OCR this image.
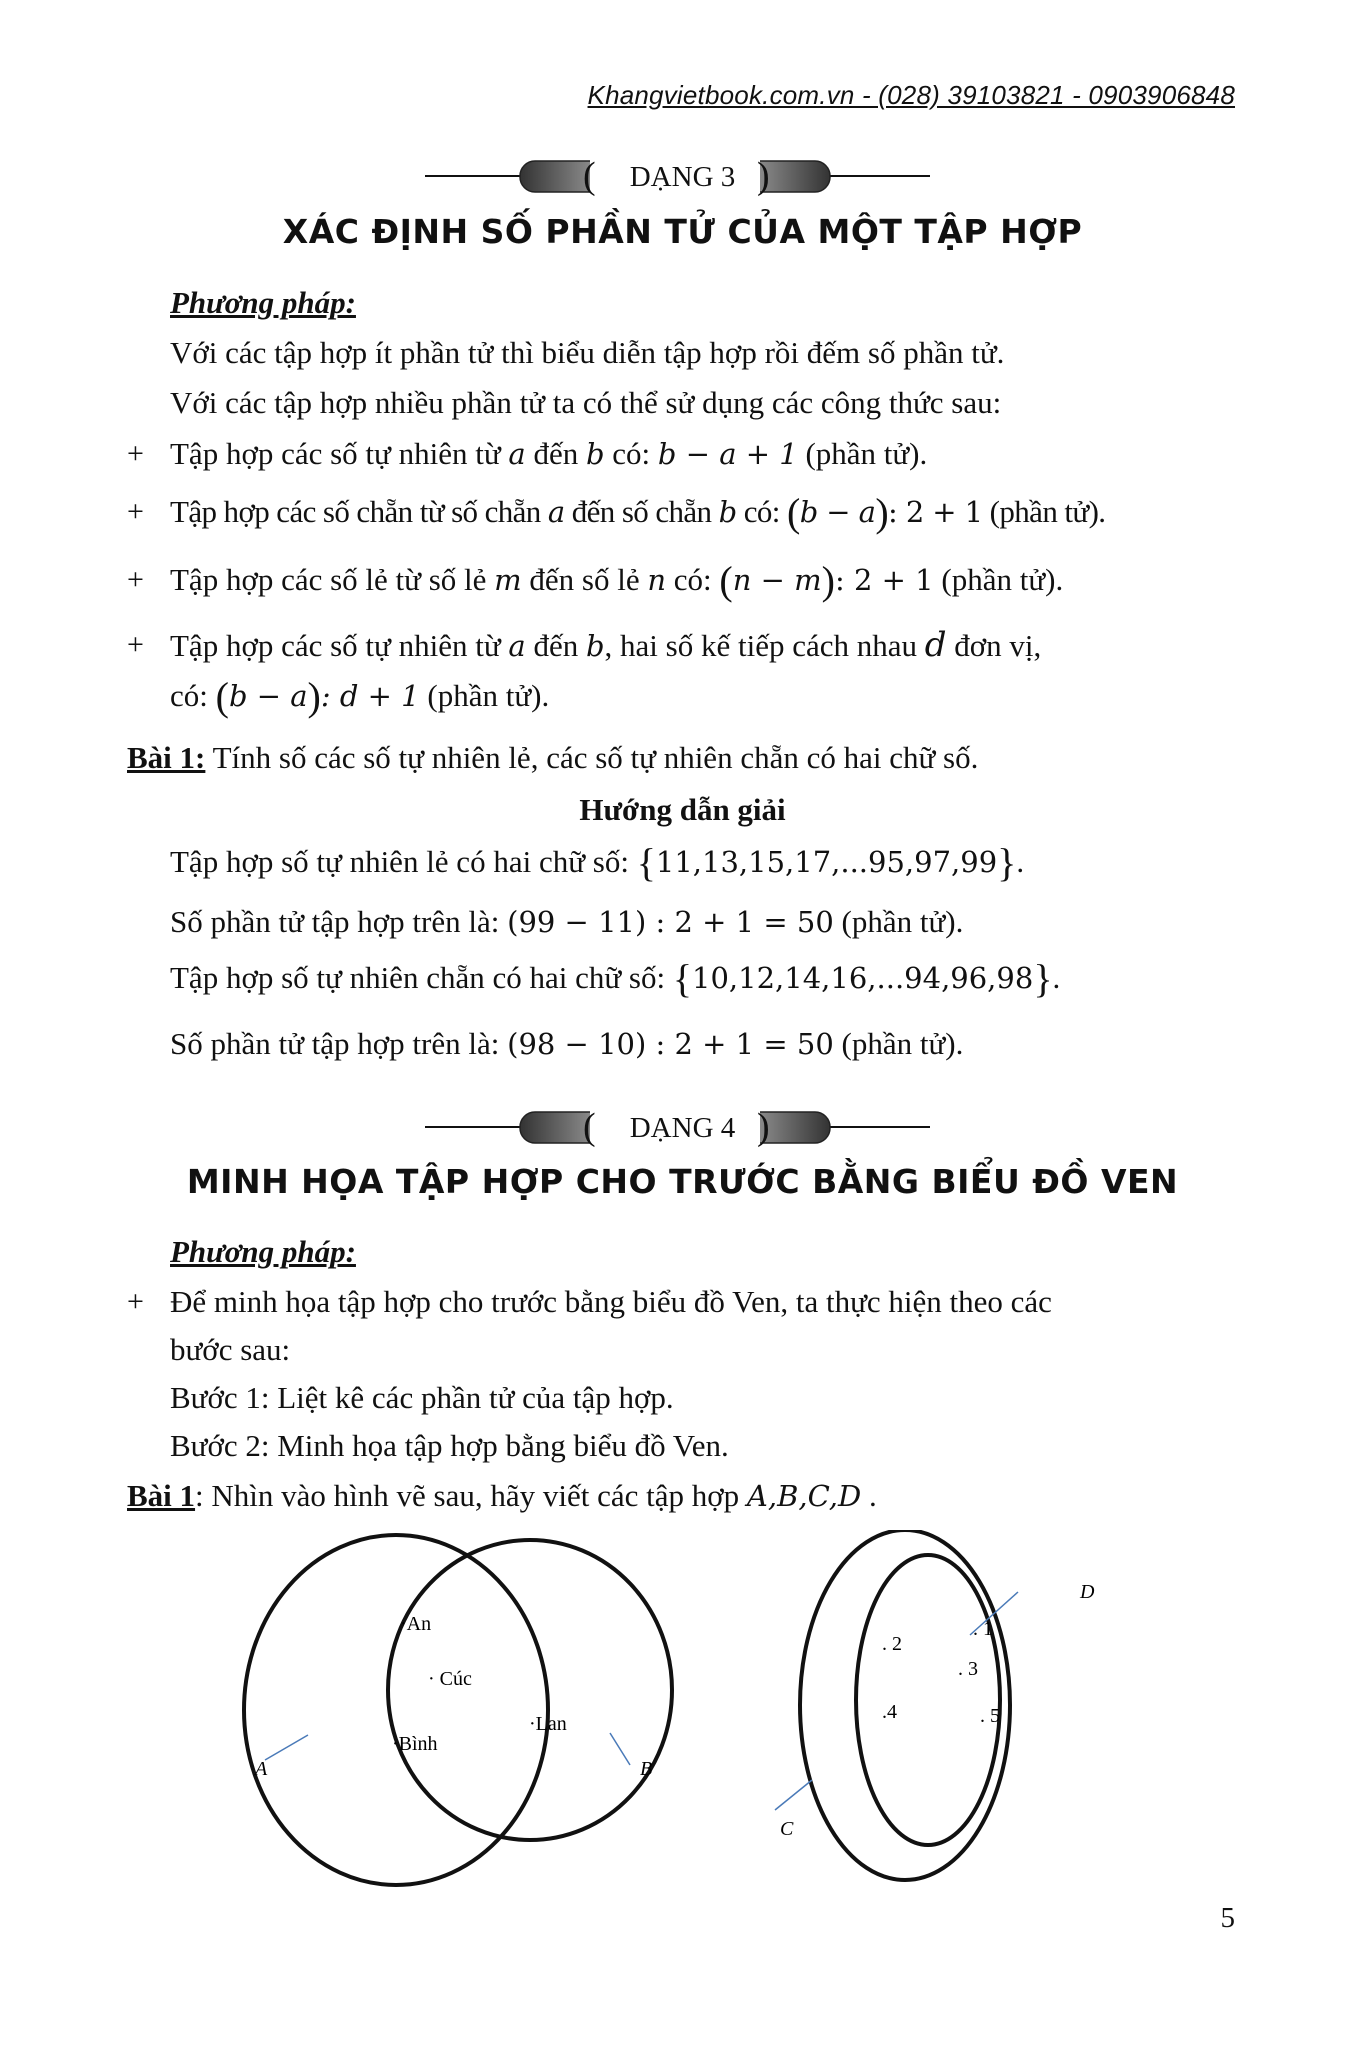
Khangvietbook.com.vn - (028) 39103821 - 0903906848
(	)
DẠNG 3
XÁC ĐỊNH SỐ PHẦN TỬ CỦA MỘT TẬP HỢP
Phương pháp:
Với các tập hợp ít phần tử thì biểu diễn tập hợp rồi đếm số phần tử.
Với các tập hợp nhiều phần tử ta có thể sử dụng các công thức sau:
+ Tập hợp các số tự nhiên từ a đến b có: b − a + 1 (phần tử).
+ Tập hợp các số chẵn từ số chẵn a đến số chẵn b có: (b − a): 2 + 1 (phần tử).
+ Tập hợp các số lẻ từ số lẻ m đến số lẻ n có: (n − m): 2 + 1 (phần tử).
+ Tập hợp các số tự nhiên từ a đến b, hai số kế tiếp cách nhau d đơn vị,
có: (b − a): d + 1 (phần tử).
Bài 1: Tính số các số tự nhiên lẻ, các số tự nhiên chẵn có hai chữ số.
Hướng dẫn giải
Tập hợp số tự nhiên lẻ có hai chữ số: {11,13,15,17,...95,97,99}.
Số phần tử tập hợp trên là: (99 − 11) : 2 + 1 = 50 (phần tử).
Tập hợp số tự nhiên chẵn có hai chữ số: {10,12,14,16,...94,96,98}.
Số phần tử tập hợp trên là: (98 − 10) : 2 + 1 = 50 (phần tử).
(	)
DẠNG 4
MINH HỌA TẬP HỢP CHO TRƯỚC BẰNG BIỂU ĐỒ VEN
Phương pháp:
+ Để minh họa tập hợp cho trước bằng biểu đồ Ven, ta thực hiện theo các
bước sau:
Bước 1: Liệt kê các phần tử của tập hợp.
Bước 2: Minh họa tập hợp bằng biểu đồ Ven.
Bài 1: Nhìn vào hình vẽ sau, hãy viết các tập hợp A,B,C,D .
·An
· Cúc
·Bình
·Lan
A	B
. 2
. 1
. 3
.4	. 5
C
D
5
